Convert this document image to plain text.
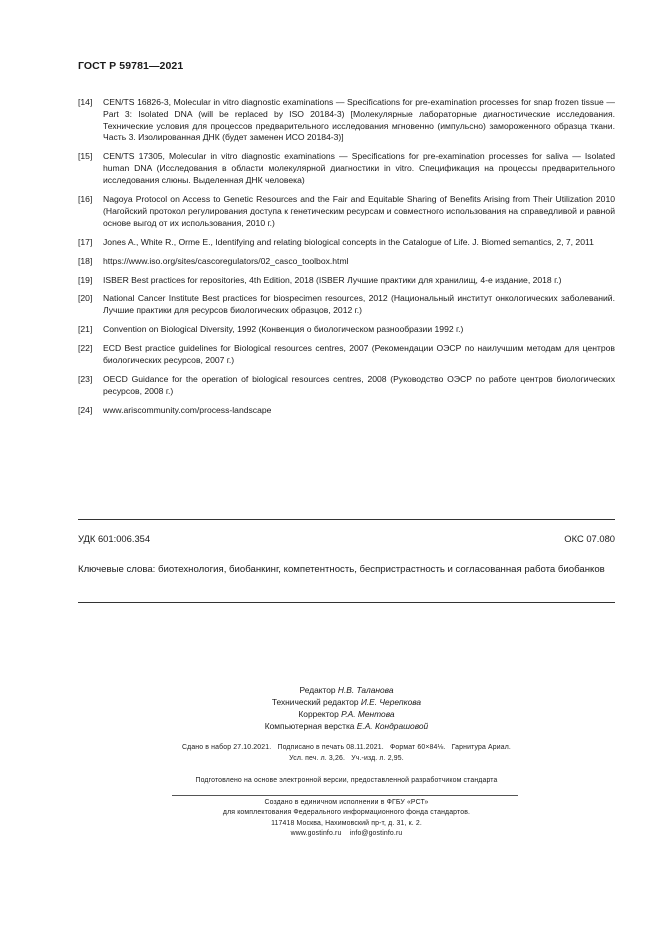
ГОСТ Р 59781—2021
[14]	CEN/TS 16826-3, Molecular in vitro diagnostic examinations — Specifications for pre-examination processes for snap frozen tissue — Part 3: Isolated DNA (will be replaced by ISO 20184-3) [Молекулярные лабораторные диагностические исследования. Технические условия для процессов предварительного исследования мгновенно (импульсно) замороженного образца ткани. Часть 3. Изолированная ДНК (будет заменен ИСО 20184-3)]
[15]	CEN/TS 17305, Molecular in vitro diagnostic examinations — Specifications for pre-examination processes for saliva — Isolated human DNA (Исследования в области молекулярной диагностики in vitro. Спецификация на процессы предварительного исследования слюны. Выделенная ДНК человека)
[16]	Nagoya Protocol on Access to Genetic Resources and the Fair and Equitable Sharing of Benefits Arising from Their Utilization 2010 (Нагойский протокол регулирования доступа к генетическим ресурсам и совместного использования на справедливой и равной основе выгод от их использования, 2010 г.)
[17]	Jones A., White R., Orme E., Identifying and relating biological concepts in the Catalogue of Life. J. Biomed semantics, 2, 7, 2011
[18]	https://www.iso.org/sites/cascoregulators/02_casco_toolbox.html
[19]	ISBER Best practices for repositories, 4th Edition, 2018 (ISBER Лучшие практики для хранилищ, 4-е издание, 2018 г.)
[20]	National Cancer Institute Best practices for biospecimen resources, 2012 (Национальный институт онкологических заболеваний. Лучшие практики для ресурсов биологических образцов, 2012 г.)
[21]	Convention on Biological Diversity, 1992 (Конвенция о биологическом разнообразии 1992 г.)
[22]	ECD Best practice guidelines for Biological resources centres, 2007 (Рекомендации ОЭСР по наилучшим методам для центров биологических ресурсов, 2007 г.)
[23]	OECD Guidance for the operation of biological resources centres, 2008 (Руководство ОЭСР по работе центров биологических ресурсов, 2008 г.)
[24]	www.ariscommunity.com/process-landscape
УДК 601:006.354	ОКС 07.080
Ключевые слова: биотехнология, биобанкинг, компетентность, беспристрастность и согласованная работа биобанков
Редактор Н.В. Таланова
Технический редактор И.Е. Черепкова
Корректор Р.А. Ментова
Компьютерная верстка Е.А. Кондрашовой
Сдано в набор 27.10.2021.   Подписано в печать 08.11.2021.   Формат 60×84⅛.   Гарнитура Ариал.
Усл. печ. л. 3,26.   Уч.-изд. л. 2,95.
Подготовлено на основе электронной версии, предоставленной разработчиком стандарта
Создано в единичном исполнении в ФГБУ «РСТ»
для комплектования Федерального информационного фонда стандартов.
117418 Москва, Нахимовский пр-т, д. 31, к. 2.
www.gostinfo.ru    info@gostinfo.ru
